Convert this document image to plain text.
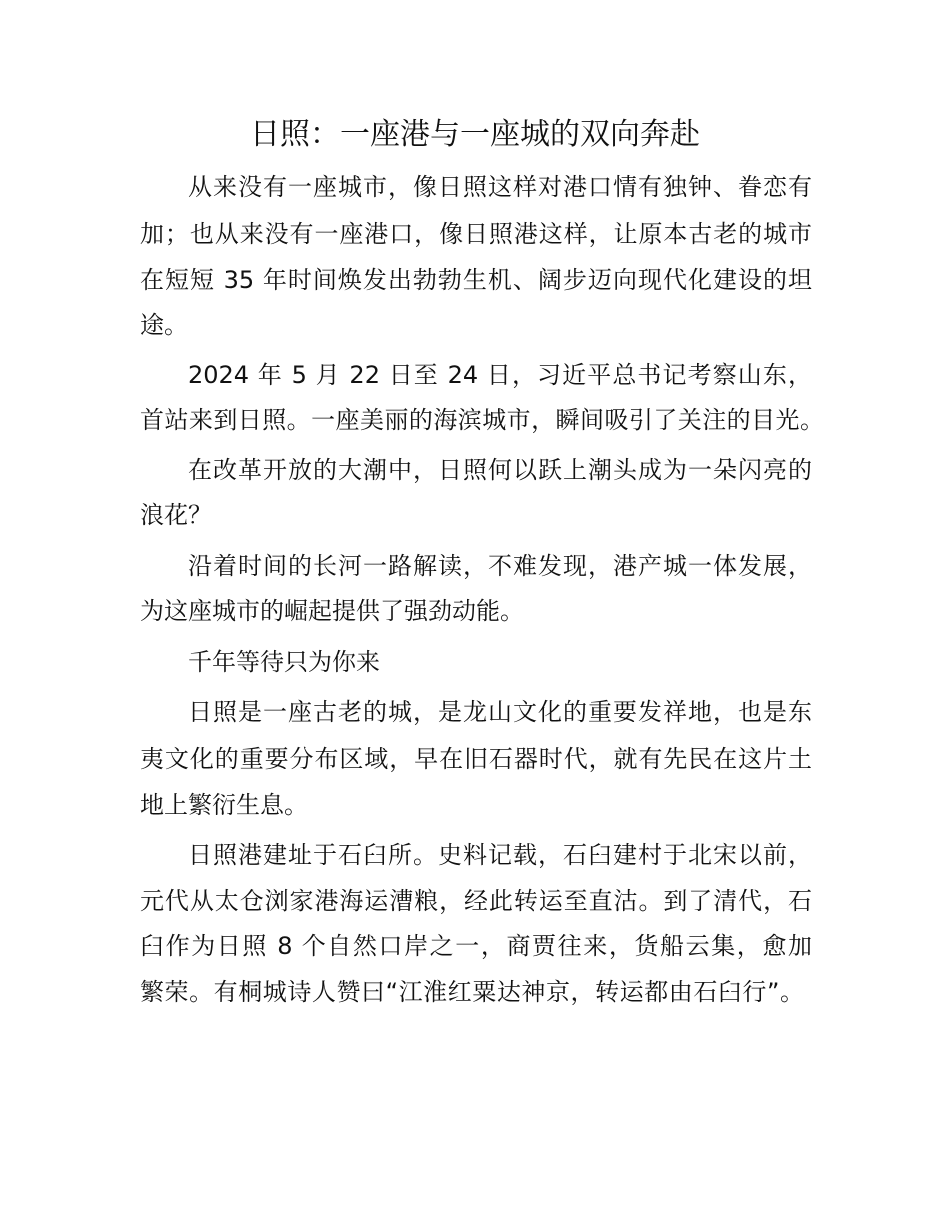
日照：一座港与一座城的双向奔赴
从来没有一座城市，像日照这样对港口情有独钟、眷恋有
加；也从来没有一座港口，像日照港这样，让原本古老的城市
在短短 35 年时间焕发出勃勃生机、阔步迈向现代化建设的坦
途。
2024 年 5 月 22 日至 24 日，习近平总书记考察山东，
首站来到日照。一座美丽的海滨城市，瞬间吸引了关注的目光。
在改革开放的大潮中，日照何以跃上潮头成为一朵闪亮的
浪花？
沿着时间的长河一路解读，不难发现，港产城一体发展，
为这座城市的崛起提供了强劲动能。
千年等待只为你来
日照是一座古老的城，是龙山文化的重要发祥地，也是东
夷文化的重要分布区域，早在旧石器时代，就有先民在这片土
地上繁衍生息。
日照港建址于石臼所。史料记载，石臼建村于北宋以前，
元代从太仓浏家港海运漕粮，经此转运至直沽。到了清代，石
臼作为日照 8 个自然口岸之一，商贾往来，货船云集，愈加
繁荣。有桐城诗人赞曰“江淮红粟达神京，转运都由石臼行”。
